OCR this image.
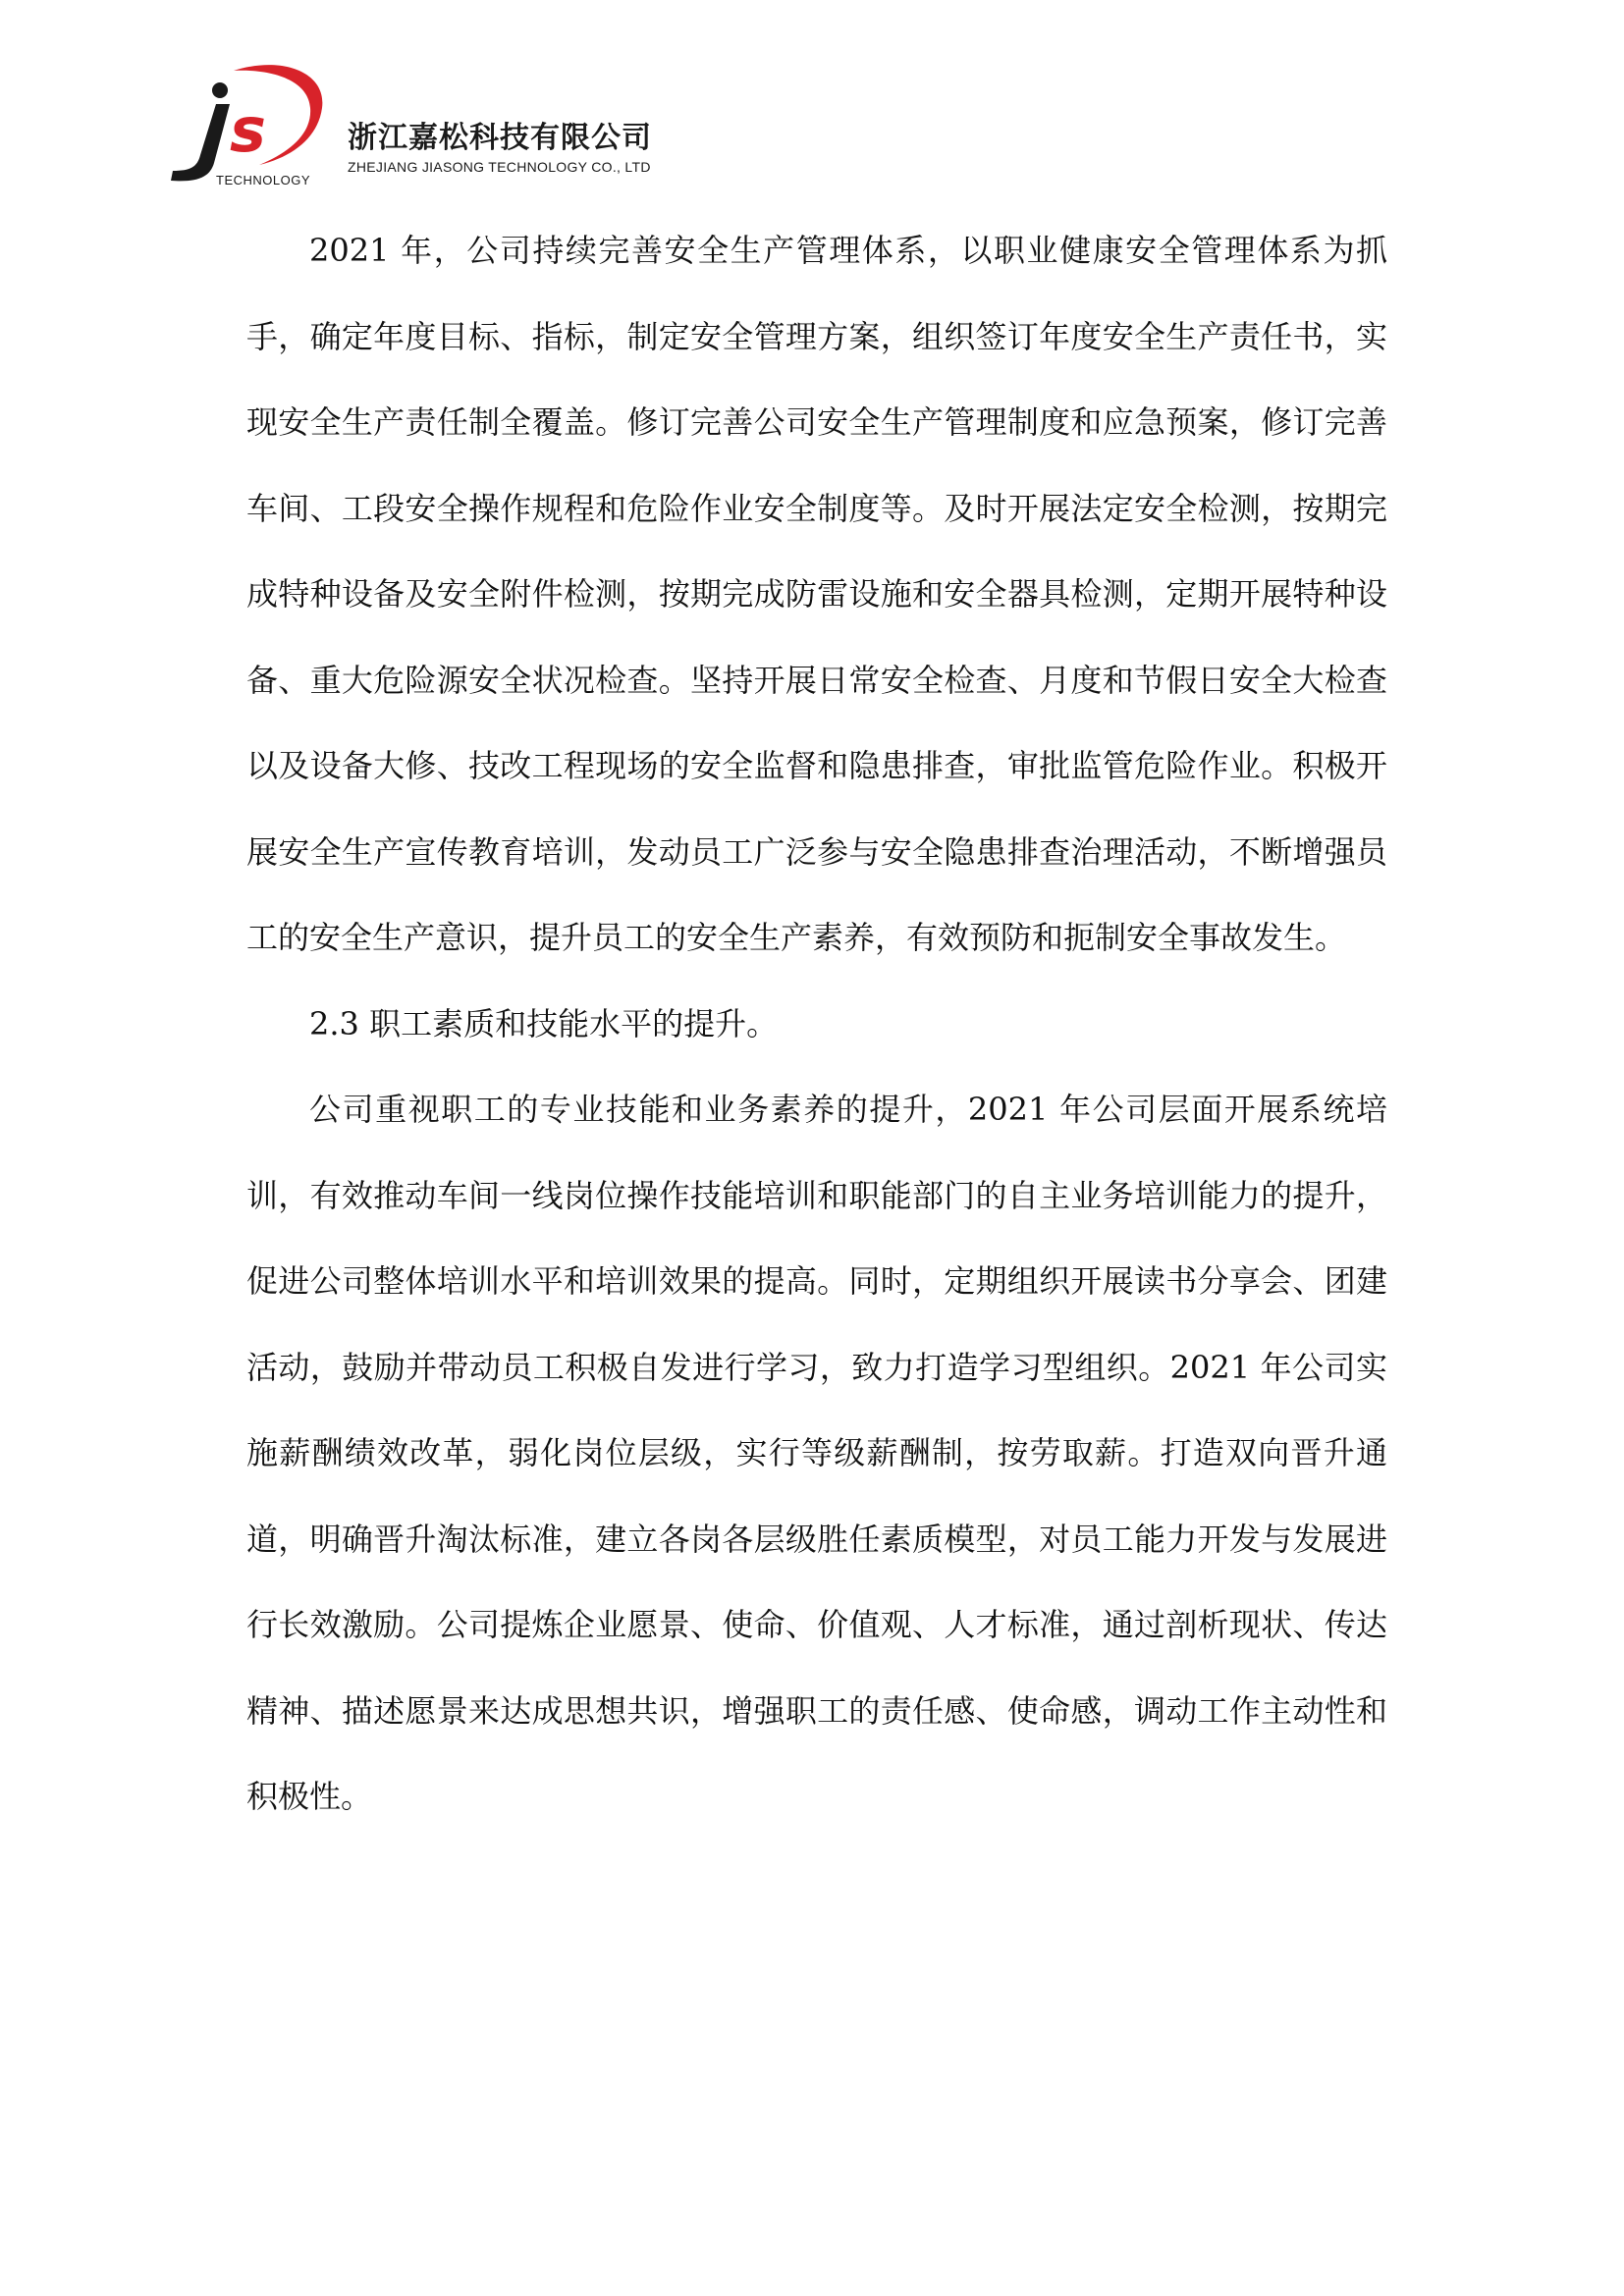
s
TECHNOLOGY
浙江嘉松科技有限公司
ZHEJIANG JIASONG TECHNOLOGY CO., LTD

2021 年，公司持续完善安全生产管理体系，以职业健康安全管理体系为抓手，确定年度目标、指标，制定安全管理方案，组织签订年度安全生产责任书，实现安全生产责任制全覆盖。修订完善公司安全生产管理制度和应急预案，修订完善车间、工段安全操作规程和危险作业安全制度等。及时开展法定安全检测，按期完成特种设备及安全附件检测，按期完成防雷设施和安全器具检测，定期开展特种设备、重大危险源安全状况检查。坚持开展日常安全检查、月度和节假日安全大检查以及设备大修、技改工程现场的安全监督和隐患排查，审批监管危险作业。积极开展安全生产宣传教育培训，发动员工广泛参与安全隐患排查治理活动，不断增强员工的安全生产意识，提升员工的安全生产素养，有效预防和扼制安全事故发生。

2.3 职工素质和技能水平的提升。

公司重视职工的专业技能和业务素养的提升，2021 年公司层面开展系统培训，有效推动车间一线岗位操作技能培训和职能部门的自主业务培训能力的提升，促进公司整体培训水平和培训效果的提高。同时，定期组织开展读书分享会、团建活动，鼓励并带动员工积极自发进行学习，致力打造学习型组织。2021 年公司实施薪酬绩效改革，弱化岗位层级，实行等级薪酬制，按劳取薪。打造双向晋升通道，明确晋升淘汰标准，建立各岗各层级胜任素质模型，对员工能力开发与发展进行长效激励。公司提炼企业愿景、使命、价值观、人才标准，通过剖析现状、传达精神、描述愿景来达成思想共识，增强职工的责任感、使命感，调动工作主动性和积极性。
